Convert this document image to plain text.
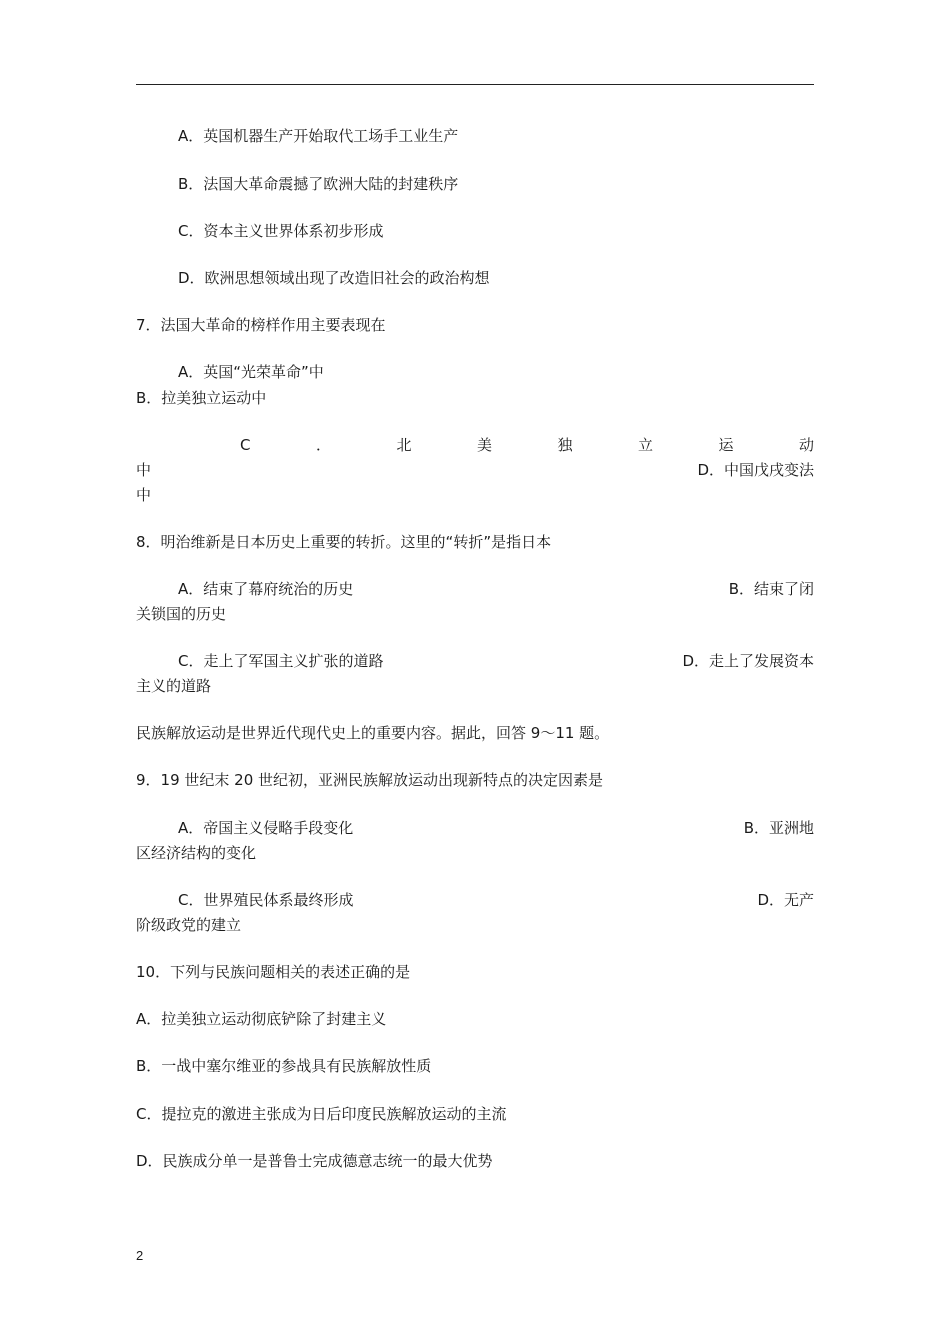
A．英国机器生产开始取代工场手工业生产
B．法国大革命震撼了欧洲大陆的封建秩序
C．资本主义世界体系初步形成
D．欧洲思想领域出现了改造旧社会的政治构想
7．法国大革命的榜样作用主要表现在
A．英国“光荣革命”中
B．拉美独立运动中
C	．	北	美	独	立	运	动
中	D．中国戊戌变法
中
8．明治维新是日本历史上重要的转折。这里的“转折”是指日本
A．结束了幕府统治的历史	B．结束了闭
关锁国的历史
C．走上了军国主义扩张的道路	D．走上了发展资本
主义的道路
民族解放运动是世界近代现代史上的重要内容。据此，回答 9～11 题。
9．19 世纪末 20 世纪初，亚洲民族解放运动出现新特点的决定因素是
A．帝国主义侵略手段变化	B．亚洲地
区经济结构的变化
C．世界殖民体系最终形成	D．无产
阶级政党的建立
10．下列与民族问题相关的表述正确的是
A．拉美独立运动彻底铲除了封建主义
B．一战中塞尔维亚的参战具有民族解放性质
C．提拉克的激进主张成为日后印度民族解放运动的主流
D．民族成分单一是普鲁士完成德意志统一的最大优势
2
